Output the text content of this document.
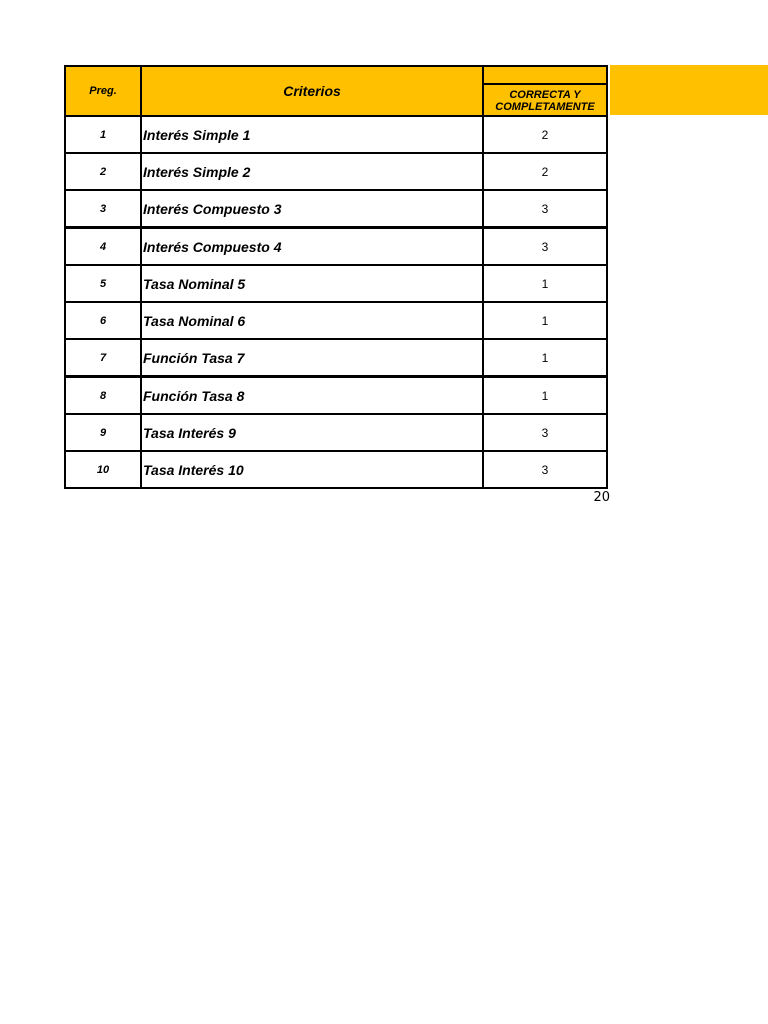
Preg.	Criterios	CORRECTA Y COMPLETAMENTE
1	Interés Simple 1	2
2	Interés Simple 2	2
3	Interés Compuesto 3	3
4	Interés Compuesto 4	3
5	Tasa Nominal 5	1
6	Tasa Nominal 6	1
7	Función Tasa 7	1
8	Función Tasa 8	1
9	Tasa Interés 9	3
10	Tasa Interés 10	3
20
